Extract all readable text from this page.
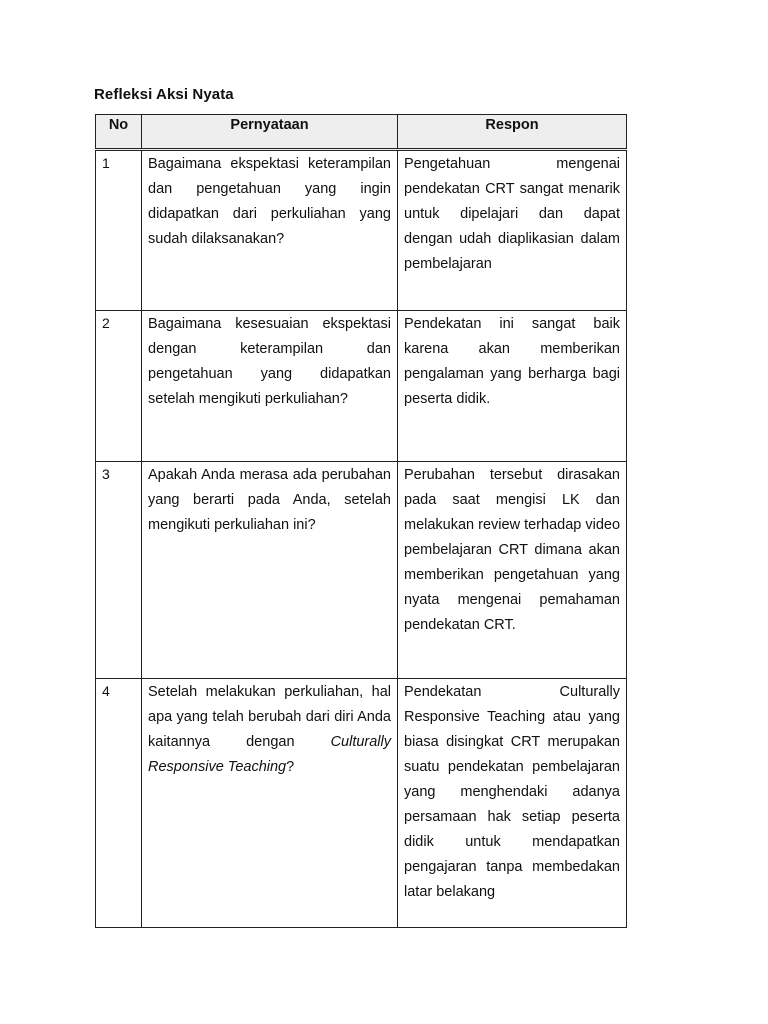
Refleksi Aksi Nyata
No	Pernyataan	Respon
1	Bagaimana ekspektasi keterampilan dan pengetahuan yang ingin didapatkan dari perkuliahan yang sudah dilaksanakan?	Pengetahuan mengenai pendekatan CRT sangat menarik untuk dipelajari dan dapat dengan udah diaplikasian dalam pembelajaran
2	Bagaimana kesesuaian ekspektasi dengan keterampilan dan pengetahuan yang didapatkan setelah mengikuti perkuliahan?	Pendekatan ini sangat baik karena akan memberikan pengalaman yang berharga bagi peserta didik.
3	Apakah Anda merasa ada perubahan yang berarti pada Anda, setelah mengikuti perkuliahan ini?	Perubahan tersebut dirasakan pada saat mengisi LK dan melakukan review terhadap video pembelajaran CRT dimana akan memberikan pengetahuan yang nyata mengenai pemahaman pendekatan CRT.
4	Setelah melakukan perkuliahan, hal apa yang telah berubah dari diri Anda kaitannya dengan Culturally Responsive Teaching?	Pendekatan Culturally Responsive Teaching atau yang biasa disingkat CRT merupakan suatu pendekatan pembelajaran yang menghendaki adanya persamaan hak setiap peserta didik untuk mendapatkan pengajaran tanpa membedakan latar belakang
